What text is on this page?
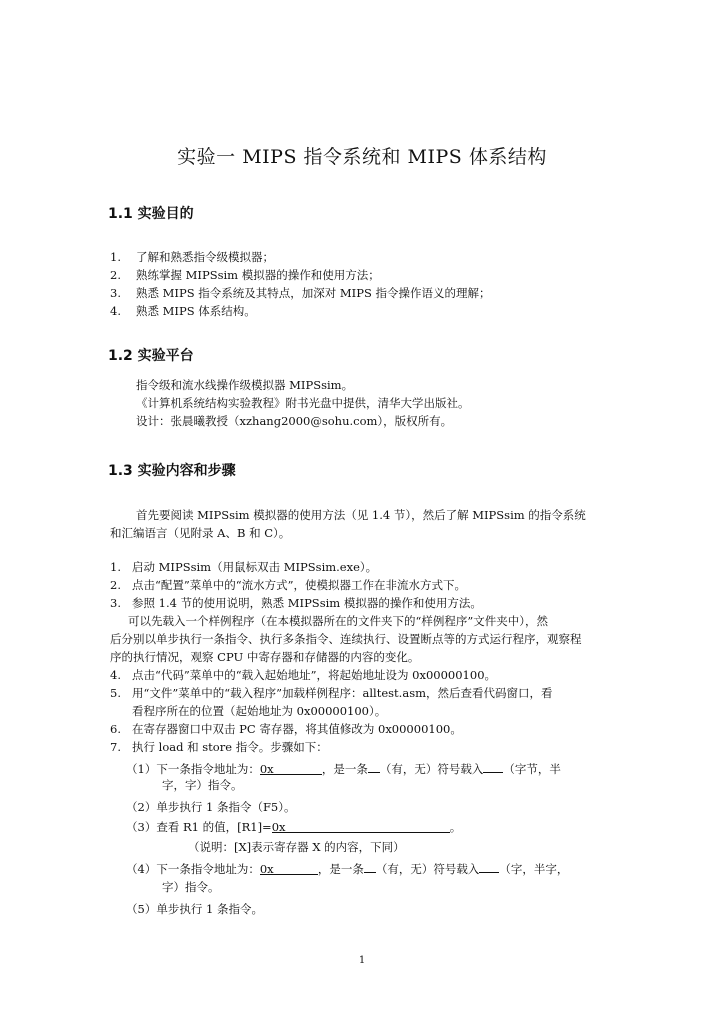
实验一 MIPS 指令系统和 MIPS 体系结构
1.1 实验目的
1. 了解和熟悉指令级模拟器；
2. 熟练掌握 MIPSsim 模拟器的操作和使用方法；
3. 熟悉 MIPS 指令系统及其特点，加深对 MIPS 指令操作语义的理解；
4. 熟悉 MIPS 体系结构。
1.2 实验平台
指令级和流水线操作级模拟器 MIPSsim。
《计算机系统结构实验教程》附书光盘中提供，清华大学出版社。
设计：张晨曦教授（xzhang2000@sohu.com），版权所有。
1.3 实验内容和步骤
首先要阅读 MIPSsim 模拟器的使用方法（见 1.4 节），然后了解 MIPSsim 的指令系统
和汇编语言（见附录 A、B 和 C）。
1. 启动 MIPSsim（用鼠标双击 MIPSsim.exe）。
2. 点击“配置”菜单中的“流水方式”，使模拟器工作在非流水方式下。
3. 参照 1.4 节的使用说明，熟悉 MIPSsim 模拟器的操作和使用方法。
可以先载入一个样例程序（在本模拟器所在的文件夹下的“样例程序”文件夹中），然
后分别以单步执行一条指令、执行多条指令、连续执行、设置断点等的方式运行程序，观察程
序的执行情况，观察 CPU 中寄存器和存储器的内容的变化。
4. 点击“代码”菜单中的“载入起始地址”，将起始地址设为 0x00000100。
5. 用“文件”菜单中的“载入程序”加载样例程序：alltest.asm，然后查看代码窗口，看
看程序所在的位置（起始地址为 0x00000100）。
6. 在寄存器窗口中双击 PC 寄存器，将其值修改为 0x00000100。
7. 执行 load 和 store 指令。步骤如下：
（1）下一条指令地址为：0x	，是一条 （有，无）符号载入 （字节，半
字，字）指令。
（2）单步执行 1 条指令（F5）。
（3）查看 R1 的值，[R1]=0x	。
（说明：[X]表示寄存器 X 的内容，下同）
（4）下一条指令地址为：0x	，是一条 （有，无）符号载入 （字，半字，
字）指令。
（5）单步执行 1 条指令。
1
